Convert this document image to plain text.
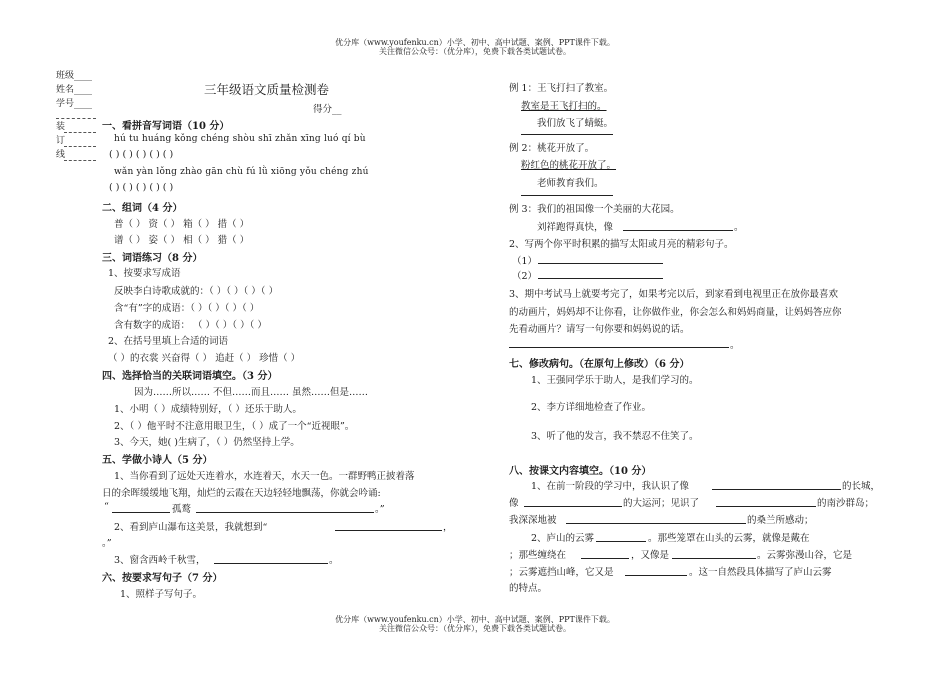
优分库（www.youfenku.cn）小学、初中、高中试题、案例、PPT课件下载。
关注微信公众号：（优分库），免费下载各类试题试卷。
班级____
姓名____
学号____
装
订
线
三年级语文质量检测卷
得分__
一、看拼音写词语（10 分）
hú tu huáng kǒng chéng shòu shī zhǎn xīng luó qí bù
( ) ( ) ( ) ( ) ( )
wǎn yàn lǒng zhào gān chù fú lǜ xiōng yǒu chéng zhú
( ) ( ) ( ) ( ) ( )
二、组词（4 分）
普（ ） 资（ ） 箱（ ） 措（ ）
谱（ ） 姿（ ） 相（ ） 猎（ ）
三、词语练习（8 分）
1、按要求写成语
反映李白诗歌成就的：（ ）（ ）（ ）（ ）
含“有”字的成语：（ ）（ ）（ ）（ ）
含有数字的成语： （ ）（ ）（ ）（ ）
2、在括号里填上合适的词语
（ ）的衣裳 兴奋得（ ） 追赶（ ） 珍惜（ ）
四、选择恰当的关联词语填空。（3 分）
因为……所以…… 不但……而且…… 虽然……但是……
1、小明（ ）成绩特别好，（ ）还乐于助人。
2、（ ）他平时不注意用眼卫生，（ ）成了一个“近视眼”。
3、今天，她( )生病了，（ ）仍然坚持上学。
五、学做小诗人（5 分）
1、当你看到了远处天连着水，水连着天，水天一色。一群野鸭正披着落
日的余晖缓缓地飞翔，灿烂的云霞在天边轻轻地飘荡，你就会吟诵:
“	孤鹜	。”
2、看到庐山瀑布这美景，我就想到“	，
。”
3、窗含西岭千秋雪，	。
六、按要求写句子（7 分）
1、照样子写句子。
例 1：王飞打扫了教室。
教室是王飞打扫的。
我们放飞了蜻蜓。
例 2：桃花开放了。
粉红色的桃花开放了。
老师教育我们。
例 3：我们的祖国像一个美丽的大花园。
刘祥跑得真快，像	。
2、写两个你平时积累的描写太阳或月亮的精彩句子。
（1）
（2）
3、期中考试马上就要考完了，如果考完以后，到家看到电视里正在放你最喜欢
的动画片，妈妈却不让你看，让你做作业，你会怎么和妈妈商量，让妈妈答应你
先看动画片？请写一句你要和妈妈说的话。
。
七、修改病句。（在原句上修改）（6 分）
1、王强同学乐于助人，是我们学习的。
2、李方详细地检查了作业。
3、听了他的发言，我不禁忍不住笑了。
八、按课文内容填空。（10 分）
1、在前一阶段的学习中，我认识了像	的长城，
像	的大运河；见识了	的南沙群岛；
我深深地被	的桑兰所感动；
2、庐山的云雾	。那些笼罩在山头的云雾，就像是戴在
；那些缠绕在	，又像是	。云雾弥漫山谷，它是
；云雾遮挡山峰，它又是	。这一自然段具体描写了庐山云雾
的特点。
优分库（www.youfenku.cn）小学、初中、高中试题、案例、PPT课件下载。
关注微信公众号：（优分库），免费下载各类试题试卷。
